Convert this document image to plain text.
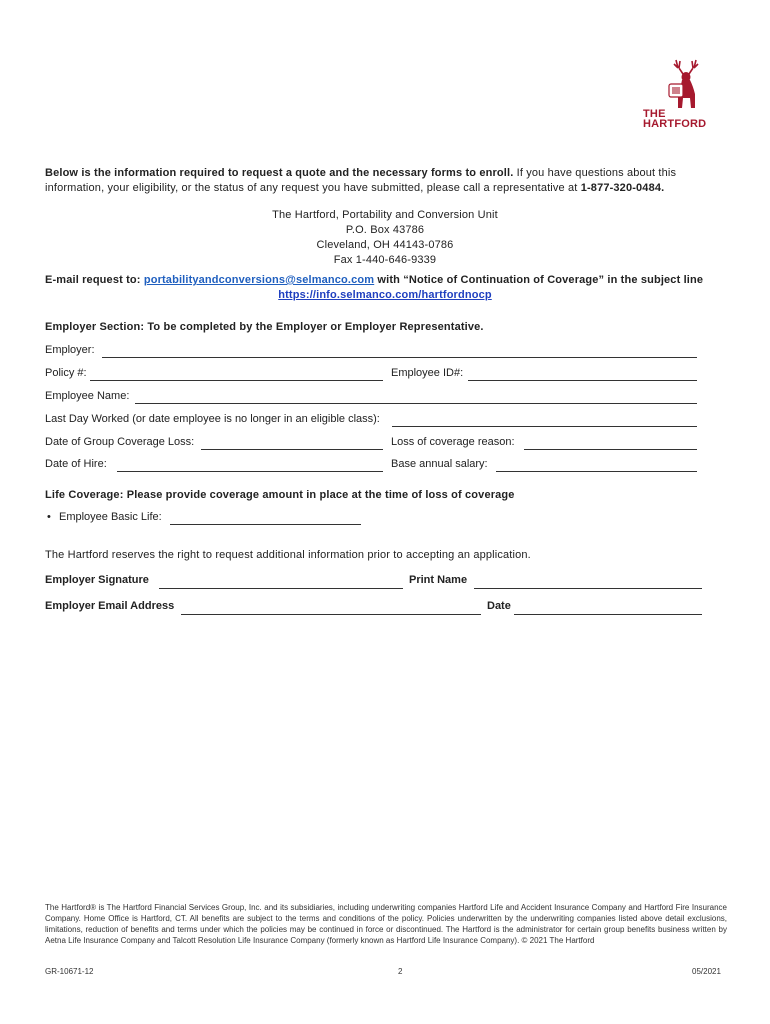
THE
HARTFORD
Below is the information required to request a quote and the necessary forms to enroll. If you have questions about this
information, your eligibility, or the status of any request you have submitted, please call a representative at 1-877-320-0484.
The Hartford, Portability and Conversion Unit
P.O. Box 43786
Cleveland, OH 44143-0786
Fax 1-440-646-9339
E-mail request to: portabilityandconversions@selmanco.com with “Notice of Continuation of Coverage” in the subject line
https://info.selmanco.com/hartfordnocp
Employer Section: To be completed by the Employer or Employer Representative.
Employer:
Policy #:	Employee ID#:
Employee Name:
Last Day Worked (or date employee is no longer in an eligible class):
Date of Group Coverage Loss:	Loss of coverage reason:
Date of Hire:	Base annual salary:
Life Coverage: Please provide coverage amount in place at the time of loss of coverage
• Employee Basic Life:
The Hartford reserves the right to request additional information prior to accepting an application.
Employer Signature	Print Name
Employer Email Address	Date
The Hartford® is The Hartford Financial Services Group, Inc. and its subsidiaries, including underwriting companies Hartford Life and Accident Insurance Company and Hartford Fire Insurance Company. Home Office is Hartford, CT. All benefits are subject to the terms and conditions of the policy. Policies underwritten by the underwriting companies listed above detail exclusions, limitations, reduction of benefits and terms under which the policies may be continued in force or discontinued. The Hartford is the administrator for certain group benefits business written by Aetna Life Insurance Company and Talcott Resolution Life Insurance Company (formerly known as Hartford Life Insurance Company). © 2021 The Hartford
GR-10671-12	2	05/2021
